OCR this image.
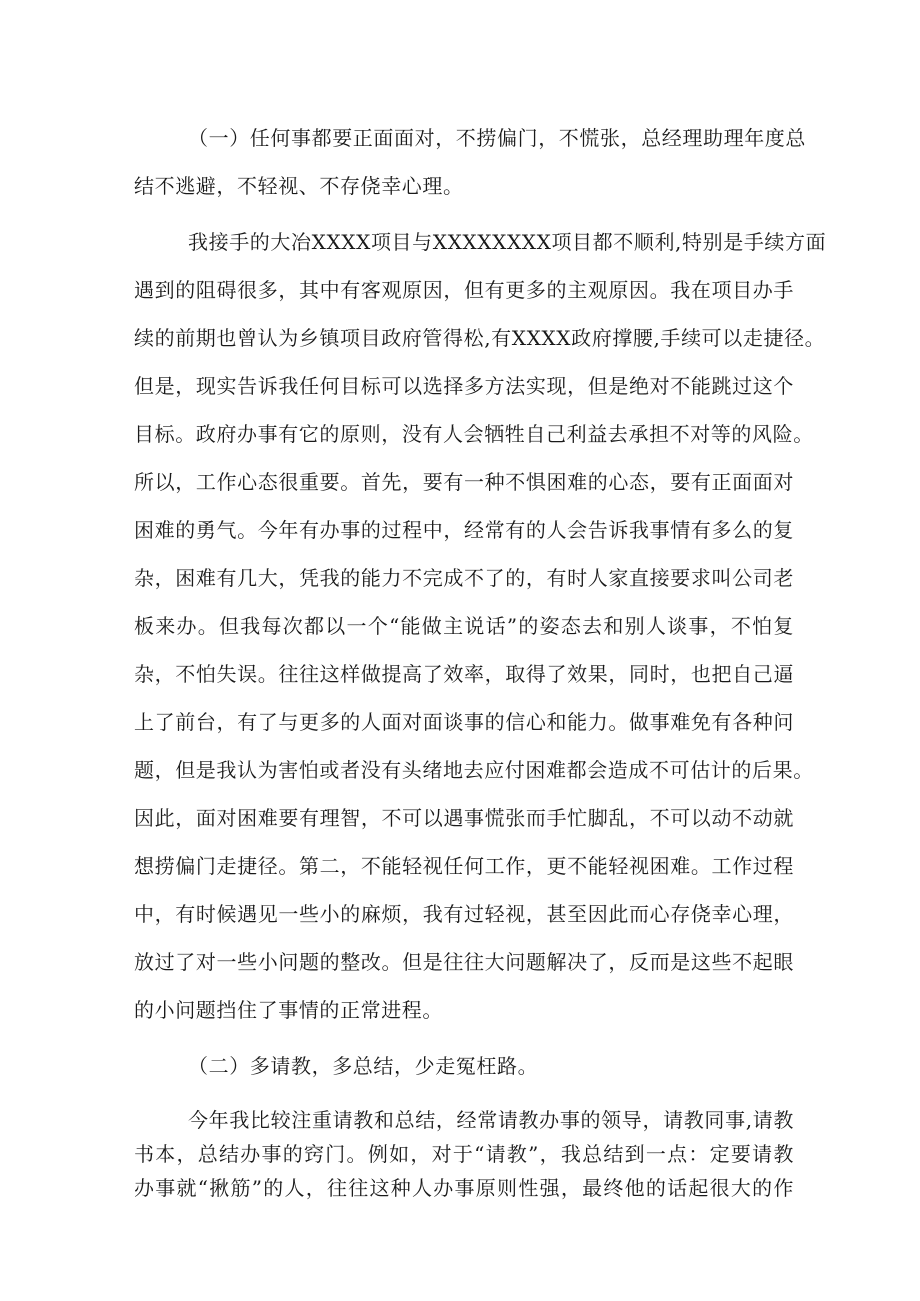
（一）任何事都要正面面对，不捞偏门，不慌张，总经理助理年度总
结不逃避，不轻视、不存侥幸心理。
我接手的大冶XXXX项目与XXXXXXXX项目都不顺利,特别是手续方面
遇到的阻碍很多，其中有客观原因，但有更多的主观原因。我在项目办手
续的前期也曾认为乡镇项目政府管得松,有XXXX政府撑腰,手续可以走捷径。
但是，现实告诉我任何目标可以选择多方法实现，但是绝对不能跳过这个
目标。政府办事有它的原则，没有人会牺牲自己利益去承担不对等的风险。
所以，工作心态很重要。首先，要有一种不惧困难的心态，要有正面面对
困难的勇气。今年有办事的过程中，经常有的人会告诉我事情有多么的复
杂，困难有几大，凭我的能力不完成不了的，有时人家直接要求叫公司老
板来办。但我每次都以一个“能做主说话”的姿态去和别人谈事，不怕复
杂，不怕失误。往往这样做提高了效率，取得了效果，同时，也把自己逼
上了前台，有了与更多的人面对面谈事的信心和能力。做事难免有各种问
题，但是我认为害怕或者没有头绪地去应付困难都会造成不可估计的后果。
因此，面对困难要有理智，不可以遇事慌张而手忙脚乱，不可以动不动就
想捞偏门走捷径。第二，不能轻视任何工作，更不能轻视困难。工作过程
中，有时候遇见一些小的麻烦，我有过轻视，甚至因此而心存侥幸心理，
放过了对一些小问题的整改。但是往往大问题解决了，反而是这些不起眼
的小问题挡住了事情的正常进程。
（二）多请教，多总结，少走冤枉路。
今年我比较注重请教和总结，经常请教办事的领导，请教同事,请教
书本，总结办事的窍门。例如，对于“请教”，我总结到一点：定要请教
办事就“揪筋”的人，往往这种人办事原则性强，最终他的话起很大的作
